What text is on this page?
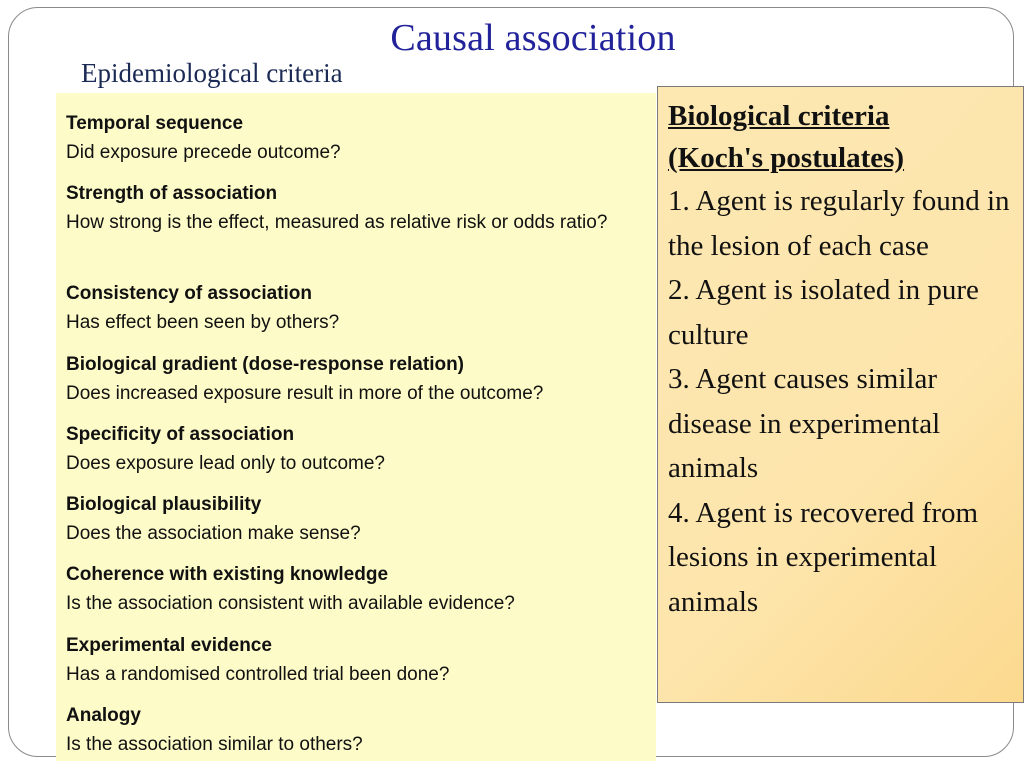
Causal association
Epidemiological criteria
Temporal sequence
Did exposure precede outcome?
Strength of association
How strong is the effect, measured as relative risk or odds ratio?
Consistency of association
Has effect been seen by others?
Biological gradient (dose-response relation)
Does increased exposure result in more of the outcome?
Specificity of association
Does exposure lead only to outcome?
Biological plausibility
Does the association make sense?
Coherence with existing knowledge
Is the association consistent with available evidence?
Experimental evidence
Has a randomised controlled trial been done?
Analogy
Is the association similar to others?
Biological criteria
(Koch's postulates)
1. Agent is regularly found in the lesion of each case
2. Agent is isolated in pure culture
3. Agent causes similar disease in experimental animals
4. Agent is recovered from lesions in experimental animals
